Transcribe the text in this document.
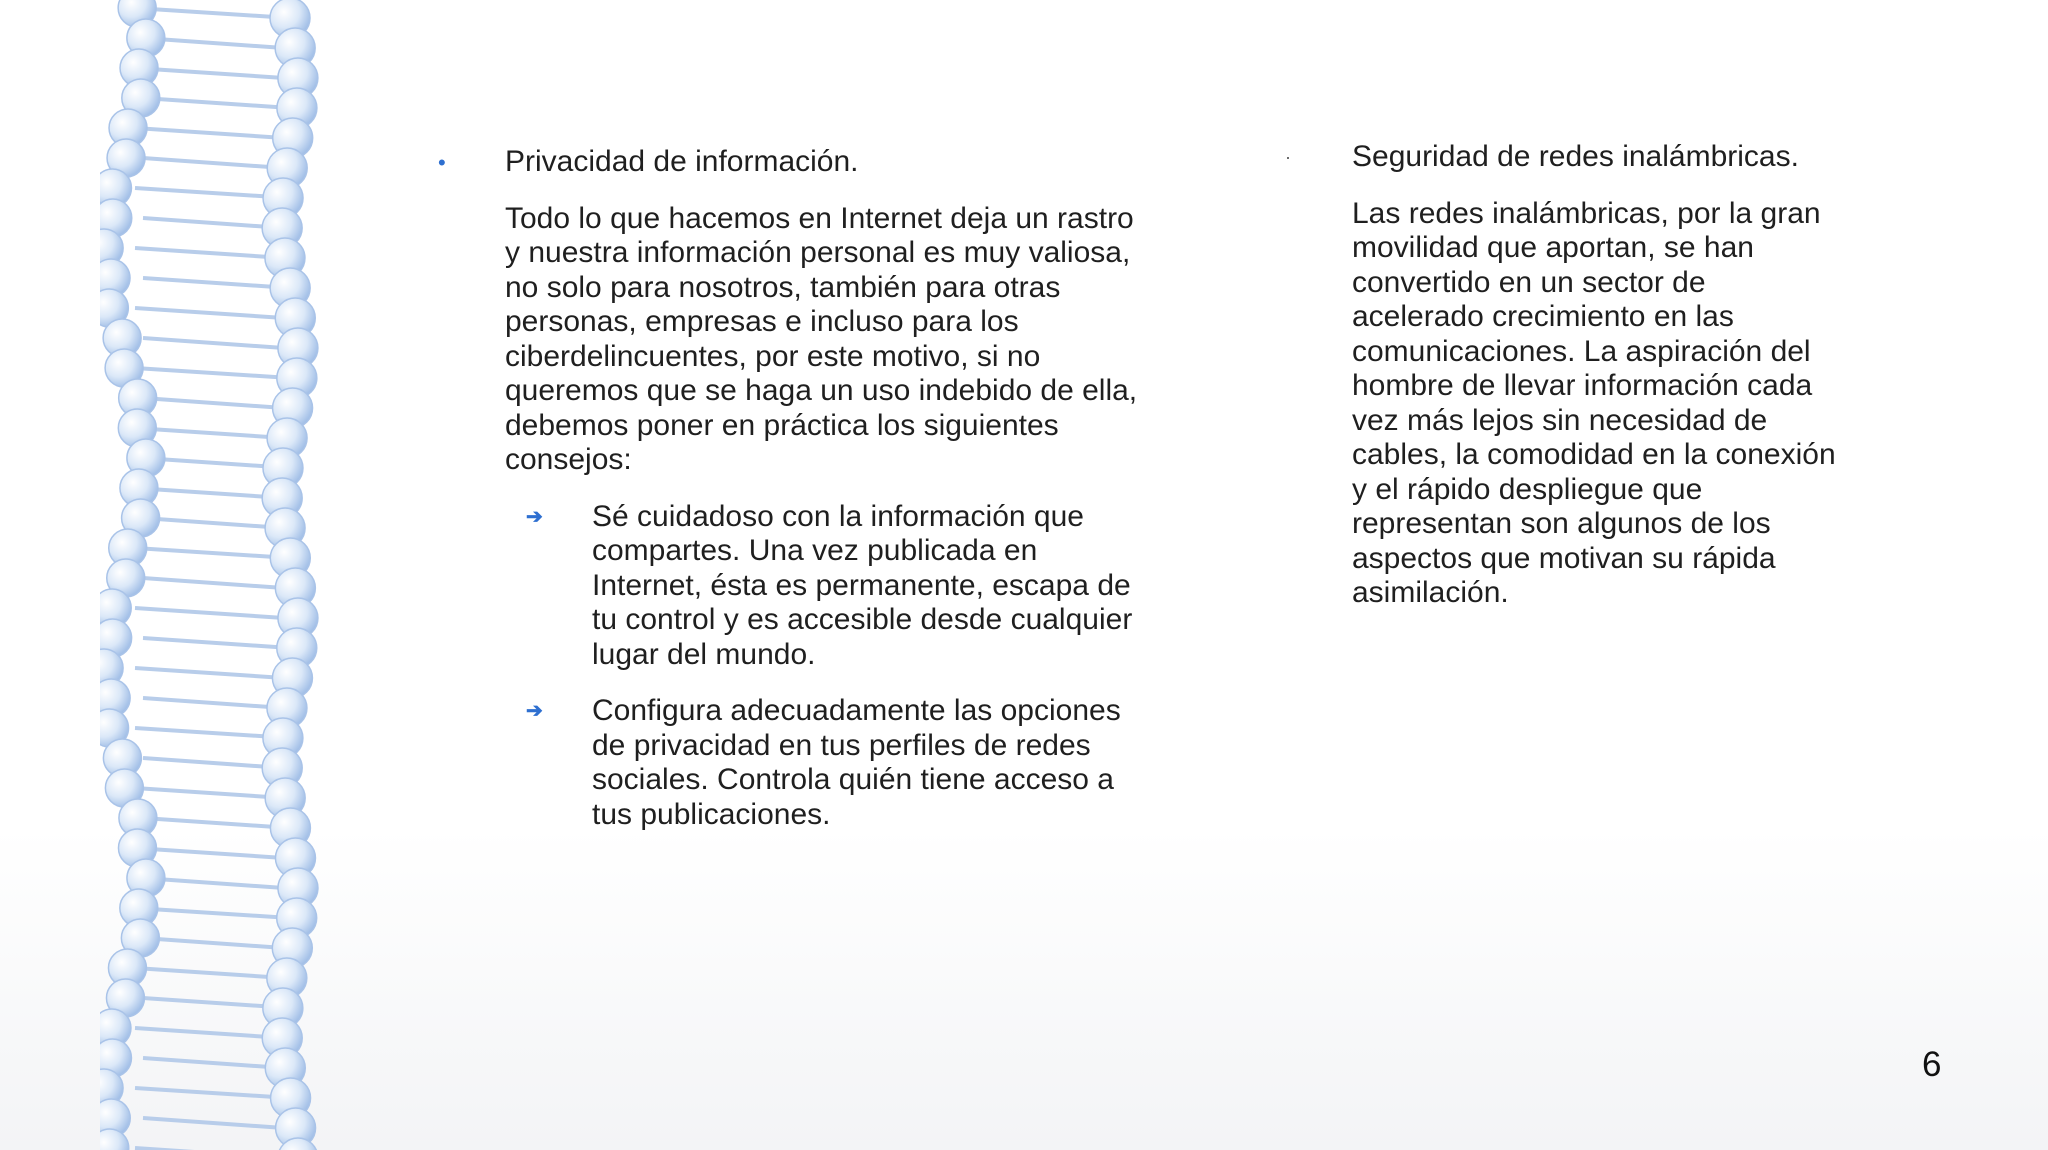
• Privacidad de información.

Todo lo que hacemos en Internet deja un rastro y nuestra información personal es muy valiosa, no solo para nosotros, también para otras personas, empresas e incluso para los ciberdelincuentes, por este motivo, si no queremos que se haga un uso indebido de ella, debemos poner en práctica los siguientes consejos:

➔ Sé cuidadoso con la información que compartes. Una vez publicada en Internet, ésta es permanente, escapa de tu control y es accesible desde cualquier lugar del mundo.

➔ Configura adecuadamente las opciones de privacidad en tus perfiles de redes sociales. Controla quién tiene acceso a tus publicaciones.

· Seguridad de redes inalámbricas.

Las redes inalámbricas, por la gran movilidad que aportan, se han convertido en un sector de acelerado crecimiento en las comunicaciones. La aspiración del hombre de llevar información cada vez más lejos sin necesidad de cables, la comodidad en la conexión y el rápido despliegue que representan son algunos de los aspectos que motivan su rápida asimilación.

6
